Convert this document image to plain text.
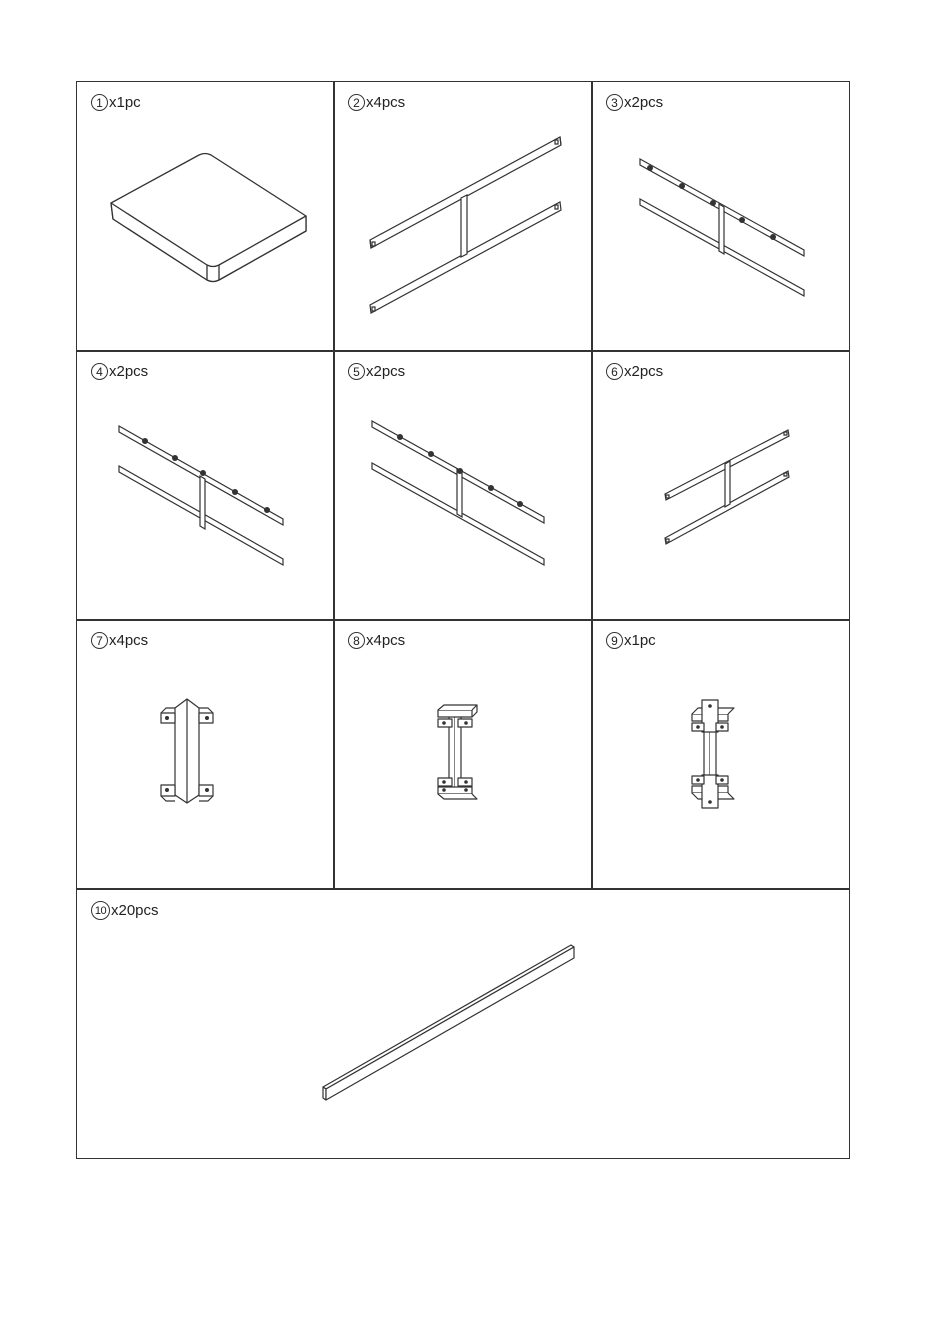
1 x1pc	2 x4pcs	3 x2pcs
4 x2pcs	5 x2pcs	6 x2pcs
7 x4pcs	8 x4pcs	9 x1pc
10 x20pcs
